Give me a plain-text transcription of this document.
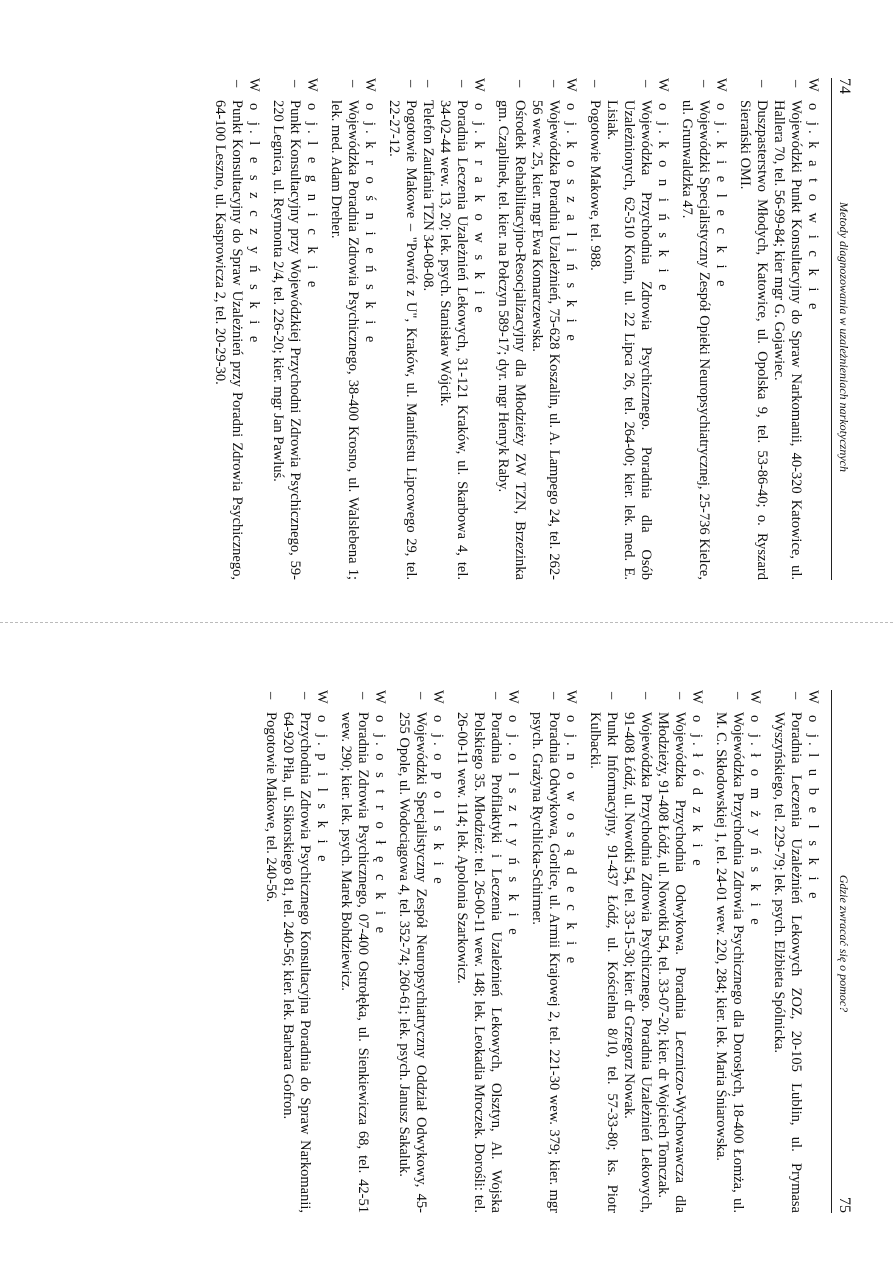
74
Metody diagnozowania w uzależnieniach narkotycznych
W o j. k a t o w i c k i e
–
Wojewódzki Punkt Konsultacyjny do Spraw Narkomanii, 40-320 Katowice, ul. Hallera 70, tel. 56-99-84; kier mgr G. Gojawiec.
–
Duszpasterstwo Młodych, Katowice, ul. Opolska 9, tel. 53-86-40; o. Ryszard Sierański OMI.
W o j. k i e l e c k i e
–
Wojewódzki Specjalistyczny Zespół Opieki Neuropsychiatrycznej, 25-736 Kielce, ul. Grunwaldzka 47.
W o j. k o n i ń s k i e
–
Wojewódzka Przychodnia Zdrowia Psychicznego. Poradnia dla Osób Uzależnionych, 62-510 Konin, ul. 22 Lipca 26, tel. 264-00; kier. lek. med. E. Lisiak.
–
Pogotowie Makowe, tel. 988.
W o j. k o s z a l i ń s k i e
–
Wojewódzka Poradnia Uzależnień, 75-628 Koszalin, ul. A. Lampego 24, tel. 262-56 wew. 25, kier. mgr Ewa Komarczewska.
–
Ośrodek Rehabilitacyjno-Resocjalizacyjny dla Młodzieży ZW TZN, Brzezinka gm. Czaplinek, tel. kier. na Połczyn 589-17; dyr. mgr Henryk Raby.
W o j. k r a k o w s k i e
–
Poradnia Leczenia Uzależnień Lekowych, 31-121 Kraków, ul. Skarbowa 4, tel. 34-02-44 wew. 13, 20; lek. psych. Stanisław Wójcik.
–
Telefon Zaufania TZN 34-08-08.
–
Pogotowie Makowe – "Powrót z U", Kraków, ul. Manifestu Lipcowego 29, tel. 22-27-12.
W o j. k r o ś n i e ń s k i e
–
Wojewódzka Poradnia Zdrowia Psychicznego, 38-400 Krosno, ul. Walslebena 1; lek. med. Adam Dreher.
W o j. l e g n i c k i e
–
Punkt Konsultacyjny przy Wojewódzkiej Przychodni Zdrowia Psychicznego, 59-220 Legnica, ul. Reymonta 2/4, tel. 226-20; kier. mgr Jan Pawluś.
W o j. l e s z c z y ń s k i e
–
Punkt Konsultacyjny do Spraw Uzależnień przy Poradni Zdrowia Psychicznego, 64-100 Leszno, ul. Kasprowicza 2, tel. 20-29-30.
Gdzie zwracać się o pomoc?
75
W o j. l u b e l s k i e
–
Poradnia Leczenia Uzależnień Lekowych ZOZ, 20-105 Lublin, ul. Prymasa Wyszyńskiego, tel. 229-79; lek. psych. Elżbieta Spólnicka.
W o j. ł o m ż y ń s k i e
–
Wojewódzka Przychodnia Zdrowia Psychicznego dla Dorosłych, 18-400 Łomża, ul. M. C. Skłodowskiej 1, tel. 24-01 wew. 220, 284; kier. lek. Maria Śniarowska.
W o j. ł ó d z k i e
–
Wojewódzka Przychodnia Odwykowa. Poradnia Leczniczo-Wychowawcza dla Młodzieży, 91-408 Łódź, ul. Nowotki 54, tel. 33-07-20; kier. dr Wojciech Tomczak.
–
Wojewódzka Przychodnia Zdrowia Psychicznego. Poradnia Uzależnień Lekowych, 91-408 Łódź, ul. Nowotki 54, tel. 33-15-30; kier. dr Grzegorz Nowak.
–
Punkt Informacyjny, 91-437 Łódź, ul. Kościelna 8/10, tel. 57-33-80; ks. Piotr Kulbacki.
W o j. n o w o s ą d e c k i e
–
Poradnia Odwykowa, Gorlice, ul. Armii Krajowej 2, tel. 221-30 wew. 379; kier. mgr psych. Grażyna Rychlicka-Schirmer.
W o j. o l s z t y ń s k i e
–
Poradnia Profilaktyki i Leczenia Uzależnień Lekowych, Olsztyn, Al. Wojska Polskiego 35. Młodzież: tel. 26-00-11 wew. 148; lek. Leokadia Mroczek. Dorośli: tel. 26-00-11 wew. 114; lek. Apolonia Szarkowicz.
W o j. o p o l s k i e
–
Wojewódzki Specjalistyczny Zespół Neuropsychiatryczny Oddział Odwykowy, 45-255 Opole, ul. Wodociągowa 4, tel. 352-74; 260-61; lek. psych. Janusz Sakaluk.
W o j. o s t r o ł ę c k i e
–
Poradnia Zdrowia Psychicznego, 07-400 Ostrołęka, ul. Sienkiewicza 68, tel. 42-51 wew. 290; kier. lek. psych. Marek Bohdziewicz.
W o j. p i l s k i e
–
Przychodnia Zdrowia Psychicznego Konsultacyjna Poradnia do Spraw Narkomanii, 64-920 Piła, ul. Sikorskiego 81, tel. 240-56; kier. lek. Barbara Gofron.
–
Pogotowie Makowe, tel. 240-56.
